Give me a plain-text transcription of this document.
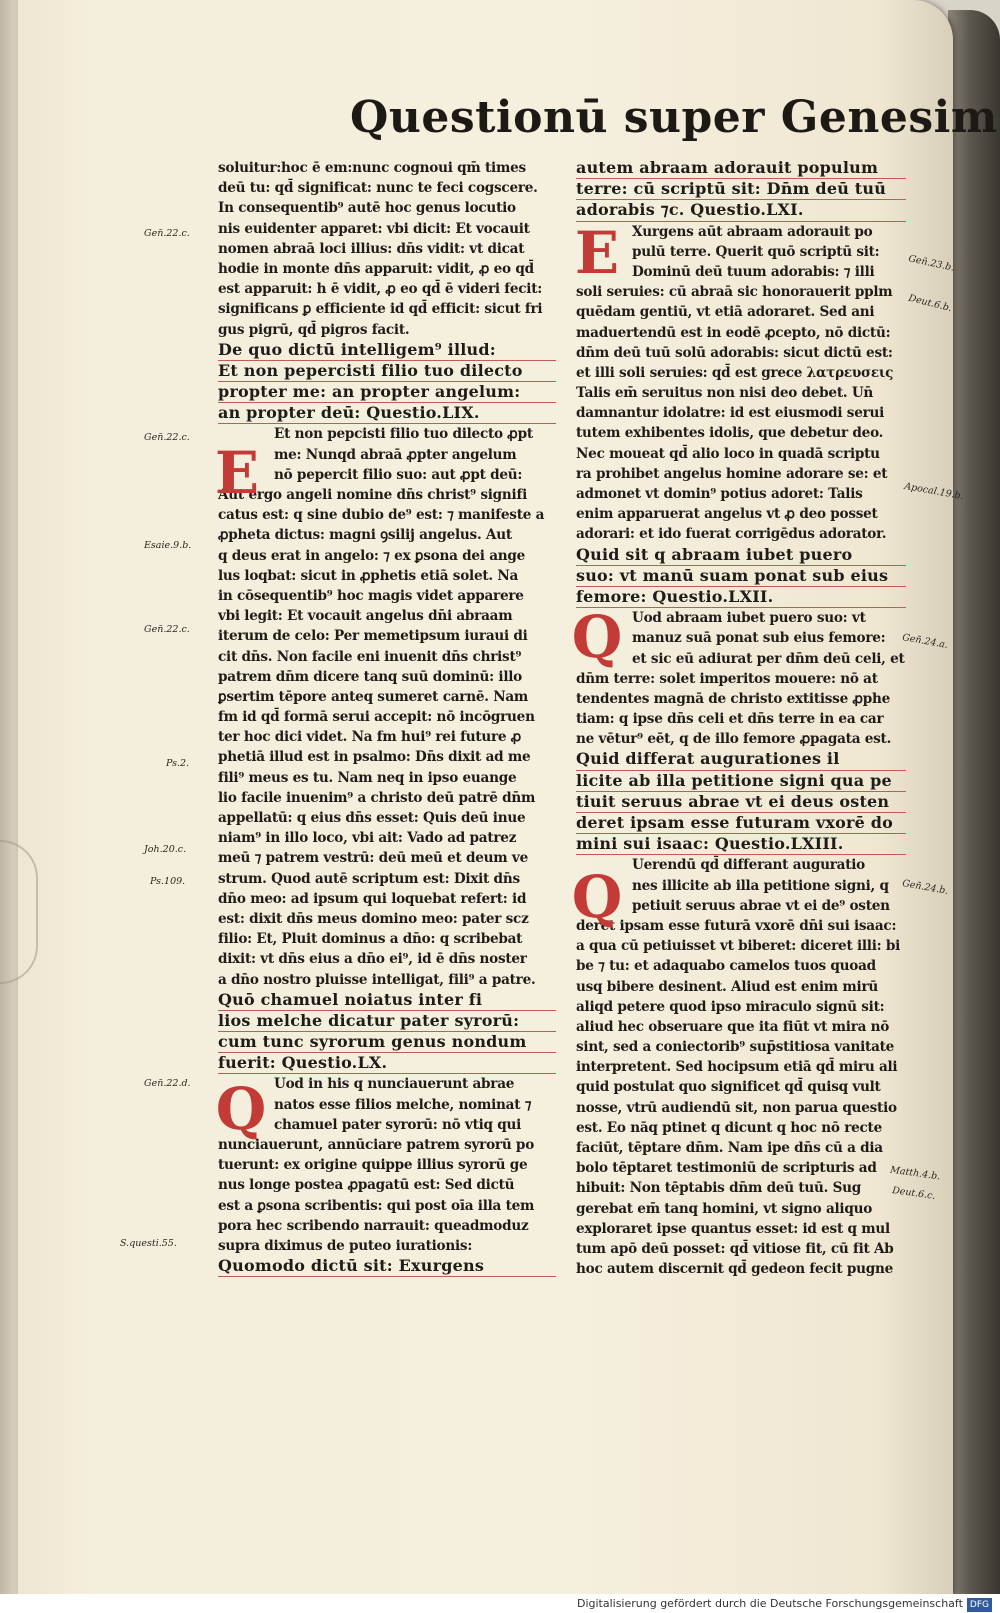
Questionū super Genesim
soluitur:hoc ē em:nunc cognoui qm̄ times
deū tu: qd̄ significat: nunc te feci cogscere.
In consequentib⁹ autē hoc genus locutio
nis euidenter apparet: vbi dicit: Et vocauit
nomen abraā loci illius: dn̄s vidit: vt dicat
hodie in monte dn̄s apparuit: vidit, ꝓ eo qd̄
est apparuit: h ē vidit, ꝓ eo qd̄ ē videri fecit:
significans ꝑ efficiente id qd̄ efficit: sicut fri
gus pigrū, qd̄ pigros facit.
De quo dictū intelligem⁹ illud:
Et non pepercisti filio tuo dilecto
propter me: an propter angelum:
an propter deū: Questio.LIX.
Et non pepcisti filio tuo dilecto ꝓpt
me: Nunqd abraā ꝓpter angelum
nō pepercit filio suo: aut ꝓpt deū:
Aut ergo angeli nomine dn̄s christ⁹ signifi
catus est: q sine dubio de⁹ est: ⁊ manifeste a
ꝓpheta dictus: magni ꝯsilij angelus. Aut
q deus erat in angelo: ⁊ ex ꝑsona dei ange
lus loqbat: sicut in ꝓphetis etiā solet. Na
in cōsequentib⁹ hoc magis videt apparere
vbi legit: Et vocauit angelus dn̄i abraam
iterum de celo: Per memetipsum iuraui di
cit dn̄s. Non facile eni inuenit dn̄s christ⁹
patrem dn̄m dicere tanq suū dominū: illo
ꝑsertim tēpore anteq sumeret carnē. Nam
fm id qd̄ formā serui accepit: nō incōgruen
ter hoc dici videt. Na fm hui⁹ rei future ꝓ
phetiā illud est in psalmo: Dn̄s dixit ad me
fili⁹ meus es tu. Nam neq in ipso euange
lio facile inuenim⁹ a christo deū patrē dn̄m
appellatū: q eius dn̄s esset: Quis deū inue
niam⁹ in illo loco, vbi ait: Vado ad patrez
meū ⁊ patrem vestrū: deū meū et deum ve
strum. Quod autē scriptum est: Dixit dn̄s
dn̄o meo: ad ipsum qui loquebat refert: id
est: dixit dn̄s meus domino meo: pater scz
filio: Et, Pluit dominus a dn̄o: q scribebat
dixit: vt dn̄s eius a dn̄o ei⁹, id ē dn̄s noster
a dn̄o nostro pluisse intelligat, fili⁹ a patre.
Quō chamuel noiatus inter fi
lios melche dicatur pater syrorū:
cum tunc syrorum genus nondum
fuerit: Questio.LX.
Uod in his q nunciauerunt abrae
natos esse filios melche, nominat ⁊
chamuel pater syrorū: nō vtiq qui
nunciauerunt, annūciare patrem syrorū po
tuerunt: ex origine quippe illius syrorū ge
nus longe postea ꝓpagatū est: Sed dictū
est a ꝑsona scribentis: qui post oīa illa tem
pora hec scribendo narrauit: queadmoduz
supra diximus de puteo iurationis:
Quomodo dictū sit: Exurgens
autem abraam adorauit populum
terre: cū scriptū sit: Dn̄m deū tuū
adorabis ⁊c. Questio.LXI.
Xurgens aūt abraam adorauit po
pulū terre. Querit quō scriptū sit:
Dominū deū tuum adorabis: ⁊ illi
soli seruies: cū abraā sic honorauerit pplm
quēdam gentiū, vt etiā adoraret. Sed ani
maduertendū est in eodē ꝓcepto, nō dictū:
dn̄m deū tuū solū adorabis: sicut dictū est:
et illi soli seruies: qd̄ est grece λατρευσεις
Talis em̄ seruitus non nisi deo debet. Un̄
damnantur idolatre: id est eiusmodi serui
tutem exhibentes idolis, que debetur deo.
Nec moueat qd̄ alio loco in quadā scriptu
ra prohibet angelus homine adorare se: et
admonet vt domin⁹ potius adoret: Talis
enim apparuerat angelus vt ꝓ deo posset
adorari: et ido fuerat corrigēdus adorator.
Quid sit q abraam iubet puero
suo: vt manū suam ponat sub eius
femore: Questio.LXII.
Uod abraam iubet puero suo: vt
manuz suā ponat sub eius femore:
et sic eū adiurat per dn̄m deū celi, et
dn̄m terre: solet imperitos mouere: nō at
tendentes magnā de christo extitisse ꝓphe
tiam: q ipse dn̄s celi et dn̄s terre in ea car
ne vētur⁹ eēt, q de illo femore ꝓpagata est.
Quid differat augurationes il
licite ab illa petitione signi qua pe
tiuit seruus abrae vt ei deus osten
deret ipsam esse futuram vxorē do
mini sui isaac: Questio.LXIII.
Uerendū qd̄ differant auguratio
nes illicite ab illa petitione signi, q
petiuit seruus abrae vt ei de⁹ osten
deret ipsam esse futurā vxorē dn̄i sui isaac:
a qua cū petiuisset vt biberet: diceret illi: bi
be ⁊ tu: et adaquabo camelos tuos quoad
usq bibere desinent. Aliud est enim mirū
aliqd petere quod ipso miraculo signū sit:
aliud hec obseruare que ita fiūt vt mira nō
sint, sed a coniectorib⁹ sup̄stitiosa vanitate
interpretent. Sed hocipsum etiā qd̄ miru ali
quid postulat quo significet qd̄ quisq vult
nosse, vtrū audiendū sit, non parua questio
est. Eo nāq ptinet q dicunt q hoc nō recte
faciūt, tēptare dn̄m. Nam ipe dn̄s cū a dia
bolo tēptaret testimoniū de scripturis ad
hibuit: Non tēptabis dn̄m deū tuū. Sug
gerebat em̄ tanq homini, vt signo aliquo
exploraret ipse quantus esset: id est q mul
tum apō deū posset: qd̄ vitiose fit, cū fit Ab
hoc autem discernit qd̄ gedeon fecit pugne
E
Q
E
Q
Q
Gen̄.22.c.
Gen̄.22.c.
Esaie.9.b.
Gen̄.22.c.
Ps.2.
Joh.20.c.
Ps.109.
Gen̄.22.d.
S.questi.55.
Gen̄.23.b.
Deut.6.b.
Apocal.19.b.
Gen̄.24.a.
Gen̄.24.b.
Matth.4.b.
Deut.6.c.
Digitalisierung gefördert durch die Deutsche Forschungsgemeinschaft DFG
